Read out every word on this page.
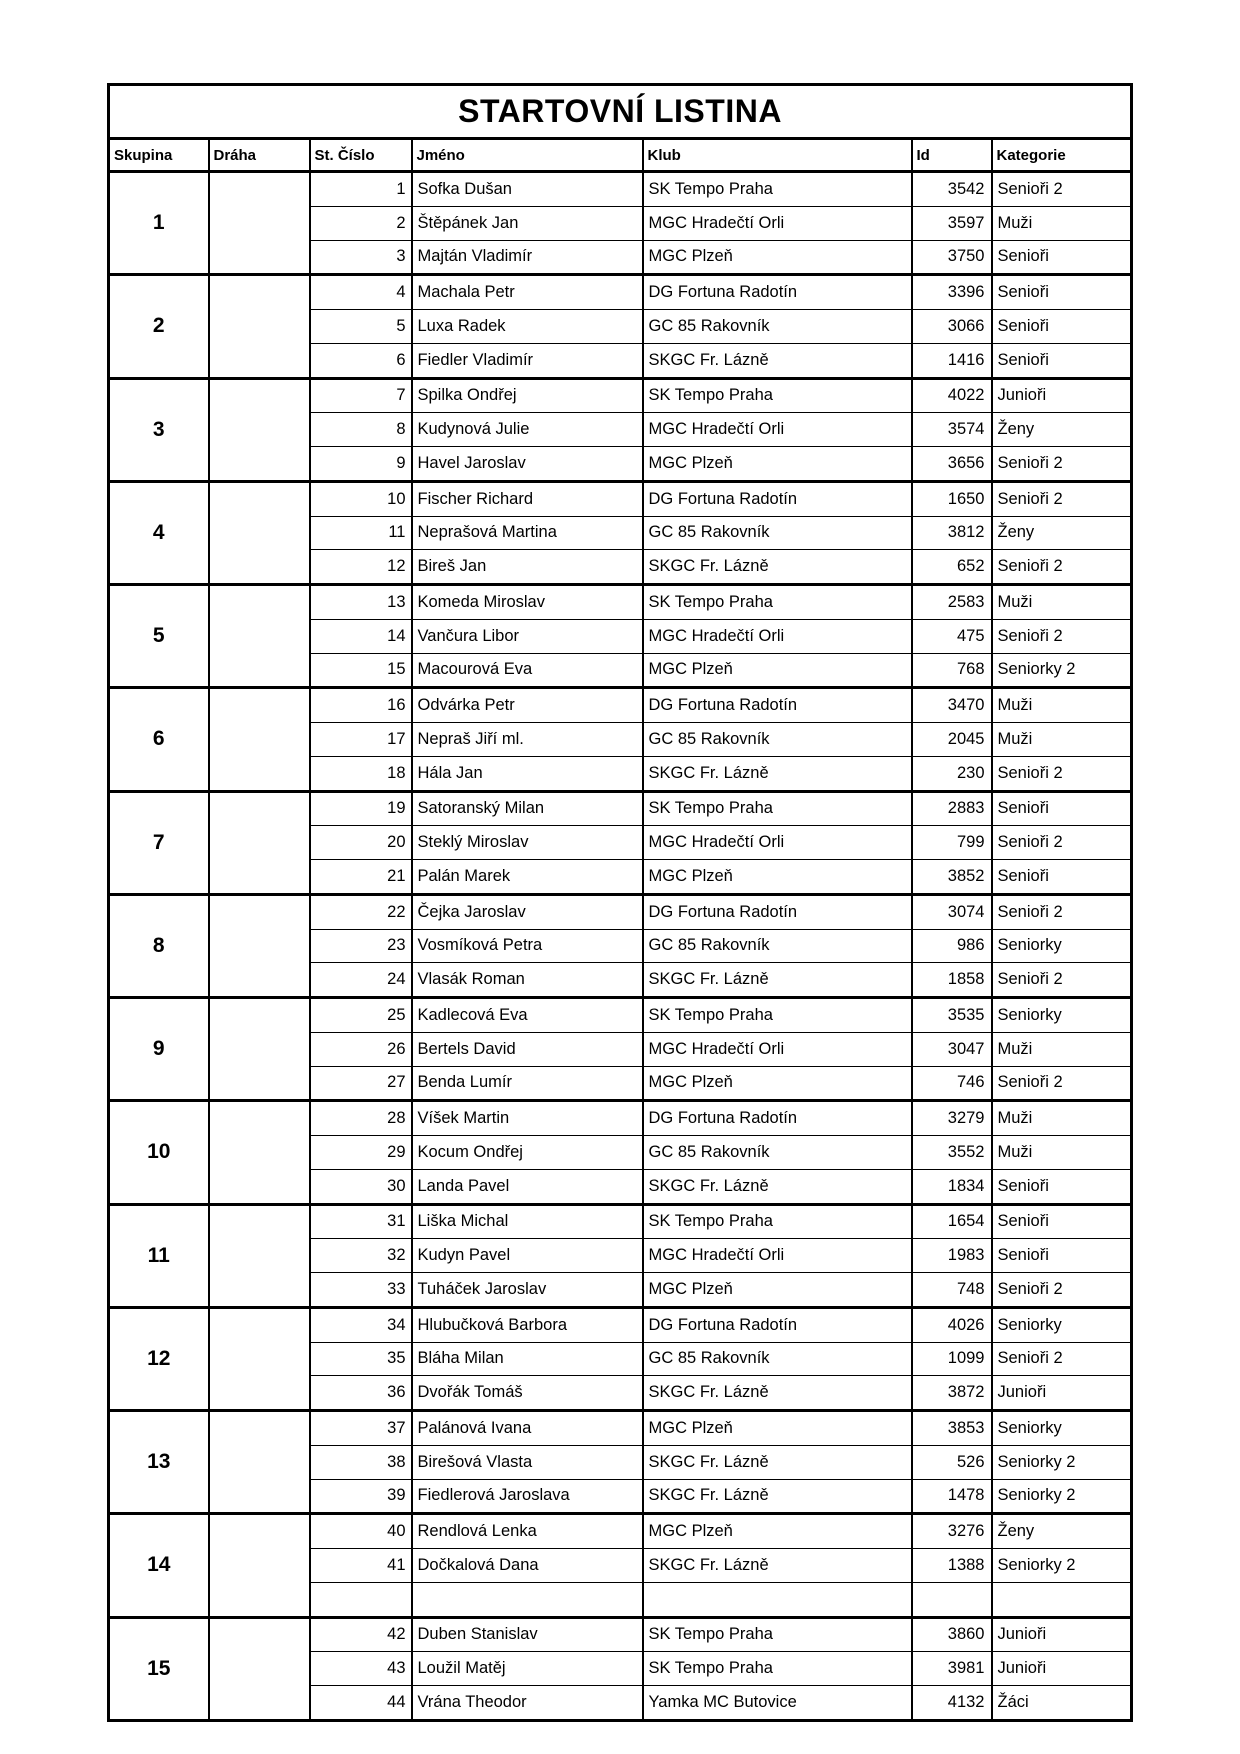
STARTOVNÍ LISTINA						
Skupina	Dráha	St. Číslo	Jméno	Klub	Id	Kategorie
1		1	Sofka Dušan	SK Tempo Praha	3542	Senioři 2
		2	Štěpánek Jan	MGC Hradečtí Orli	3597	Muži
		3	Majtán Vladimír	MGC Plzeň	3750	Senioři
2		4	Machala Petr	DG Fortuna Radotín	3396	Senioři
		5	Luxa Radek	GC 85 Rakovník	3066	Senioři
		6	Fiedler Vladimír	SKGC Fr. Lázně	1416	Senioři
3		7	Spilka Ondřej	SK Tempo Praha	4022	Junioři
		8	Kudynová Julie	MGC Hradečtí Orli	3574	Ženy
		9	Havel Jaroslav	MGC Plzeň	3656	Senioři 2
4		10	Fischer Richard	DG Fortuna Radotín	1650	Senioři 2
		11	Neprašová Martina	GC 85 Rakovník	3812	Ženy
		12	Bireš Jan	SKGC Fr. Lázně	652	Senioři 2
5		13	Komeda Miroslav	SK Tempo Praha	2583	Muži
		14	Vančura Libor	MGC Hradečtí Orli	475	Senioři 2
		15	Macourová Eva	MGC Plzeň	768	Seniorky 2
6		16	Odvárka Petr	DG Fortuna Radotín	3470	Muži
		17	Nepraš Jiří ml.	GC 85 Rakovník	2045	Muži
		18	Hála Jan	SKGC Fr. Lázně	230	Senioři 2
7		19	Satoranský Milan	SK Tempo Praha	2883	Senioři
		20	Steklý Miroslav	MGC Hradečtí Orli	799	Senioři 2
		21	Palán Marek	MGC Plzeň	3852	Senioři
8		22	Čejka Jaroslav	DG Fortuna Radotín	3074	Senioři 2
		23	Vosmíková Petra	GC 85 Rakovník	986	Seniorky
		24	Vlasák Roman	SKGC Fr. Lázně	1858	Senioři 2
9		25	Kadlecová Eva	SK Tempo Praha	3535	Seniorky
		26	Bertels David	MGC Hradečtí Orli	3047	Muži
		27	Benda Lumír	MGC Plzeň	746	Senioři 2
10		28	Víšek Martin	DG Fortuna Radotín	3279	Muži
		29	Kocum Ondřej	GC 85 Rakovník	3552	Muži
		30	Landa Pavel	SKGC Fr. Lázně	1834	Senioři
11		31	Liška Michal	SK Tempo Praha	1654	Senioři
		32	Kudyn Pavel	MGC Hradečtí Orli	1983	Senioři
		33	Tuháček Jaroslav	MGC Plzeň	748	Senioři 2
12		34	Hlubučková Barbora	DG Fortuna Radotín	4026	Seniorky
		35	Bláha Milan	GC 85 Rakovník	1099	Senioři 2
		36	Dvořák Tomáš	SKGC Fr. Lázně	3872	Junioři
13		37	Palánová Ivana	MGC Plzeň	3853	Seniorky
		38	Birešová Vlasta	SKGC Fr. Lázně	526	Seniorky 2
		39	Fiedlerová Jaroslava	SKGC Fr. Lázně	1478	Seniorky 2
14		40	Rendlová Lenka	MGC Plzeň	3276	Ženy
		41	Dočkalová Dana	SKGC Fr. Lázně	1388	Seniorky 2

15		42	Duben Stanislav	SK Tempo Praha	3860	Junioři
		43	Loužil Matěj	SK Tempo Praha	3981	Junioři
		44	Vrána Theodor	Yamka MC Butovice	4132	Žáci
